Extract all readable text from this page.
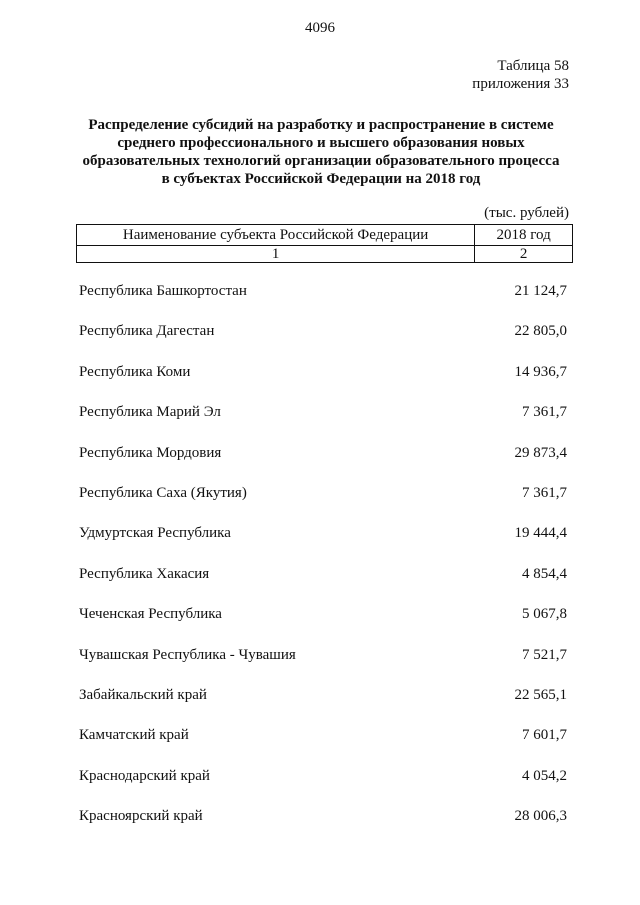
4096
Таблица 58
приложения 33
Распределение субсидий на разработку и распространение в системе
среднего профессионального и высшего образования новых
образовательных технологий организации образовательного процесса
в субъектах Российской Федерации на 2018 год
(тыс. рублей)
Наименование субъекта Российской Федерации	2018 год
1	2
Республика Башкортостан	21 124,7
Республика Дагестан	22 805,0
Республика Коми	14 936,7
Республика Марий Эл	7 361,7
Республика Мордовия	29 873,4
Республика Саха (Якутия)	7 361,7
Удмуртская Республика	19 444,4
Республика Хакасия	4 854,4
Чеченская Республика	5 067,8
Чувашская Республика - Чувашия	7 521,7
Забайкальский край	22 565,1
Камчатский край	7 601,7
Краснодарский край	4 054,2
Красноярский край	28 006,3
